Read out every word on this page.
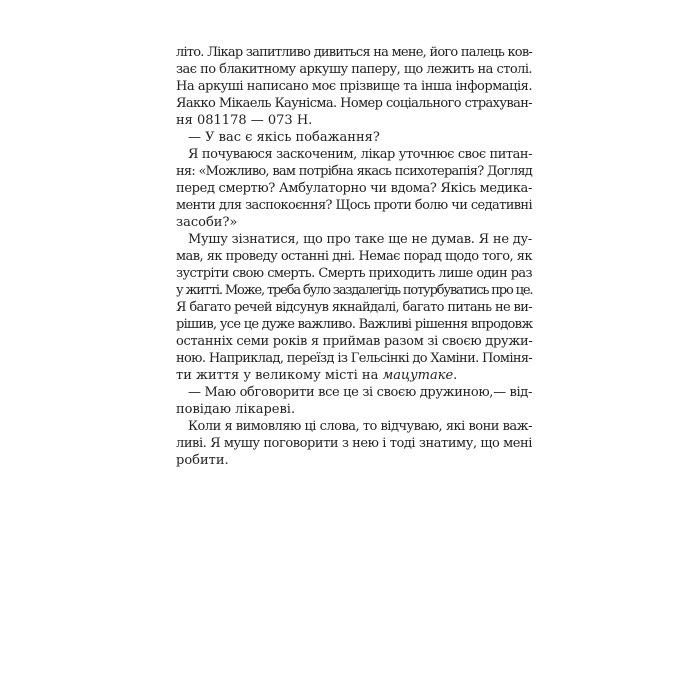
літо. Лікар запитливо дивиться на мене, його палець ков-
зає по блакитному аркушу паперу, що лежить на столі.
На аркуші написано моє прізвище та інша інформація.
Яакко Мікаель Каунісма. Номер соціального страхуван-
ня 081178 — 073 Н.
— У вас є якісь побажання?
Я почуваюся заскоченим, лікар уточнює своє питан-
ня: «Можливо, вам потрібна якась психотерапія? Догляд
перед смертю? Амбулаторно чи вдома? Якісь медика-
менти для заспокоєння? Щось проти болю чи седативні
засоби?»
Мушу зізнатися, що про таке ще не думав. Я не ду-
мав, як проведу останні дні. Немає порад щодо того, як
зустріти свою смерть. Смерть приходить лише один раз
у житті. Може, треба було заздалегідь потурбуватись про це.
Я багато речей відсунув якнайдалі, багато питань не ви-
рішив, усе це дуже важливо. Важливі рішення впродовж
останніх семи років я приймав разом зі своєю дружи-
ною. Наприклад, переїзд із Гельсінкі до Хаміни. Поміня-
ти життя у великому місті на мацутаке.
— Маю обговорити все це зі своєю дружиною,— від-
повідаю лікареві.
Коли я вимовляю ці слова, то відчуваю, які вони важ-
ливі. Я мушу поговорити з нею і тоді знатиму, що мені
робити.
